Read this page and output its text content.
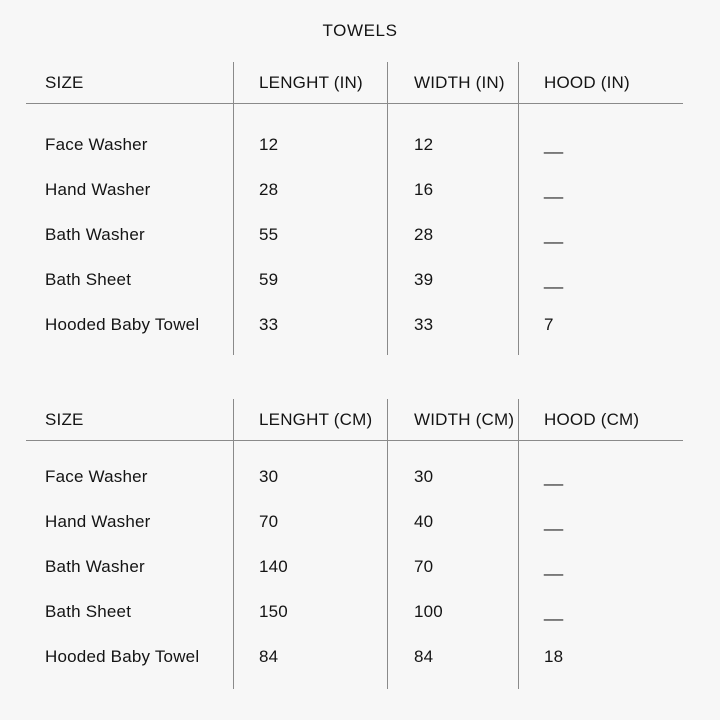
TOWELS
SIZE	LENGHT (IN)	WIDTH (IN)	HOOD (IN)
Face Washer	12	12	__
Hand Washer	28	16	__
Bath Washer	55	28	__
Bath Sheet	59	39	__
Hooded Baby Towel	33	33	7
SIZE	LENGHT (CM)	WIDTH (CM)	HOOD (CM)
Face Washer	30	30	__
Hand Washer	70	40	__
Bath Washer	140	70	__
Bath Sheet	150	100	__
Hooded Baby Towel	84	84	18
